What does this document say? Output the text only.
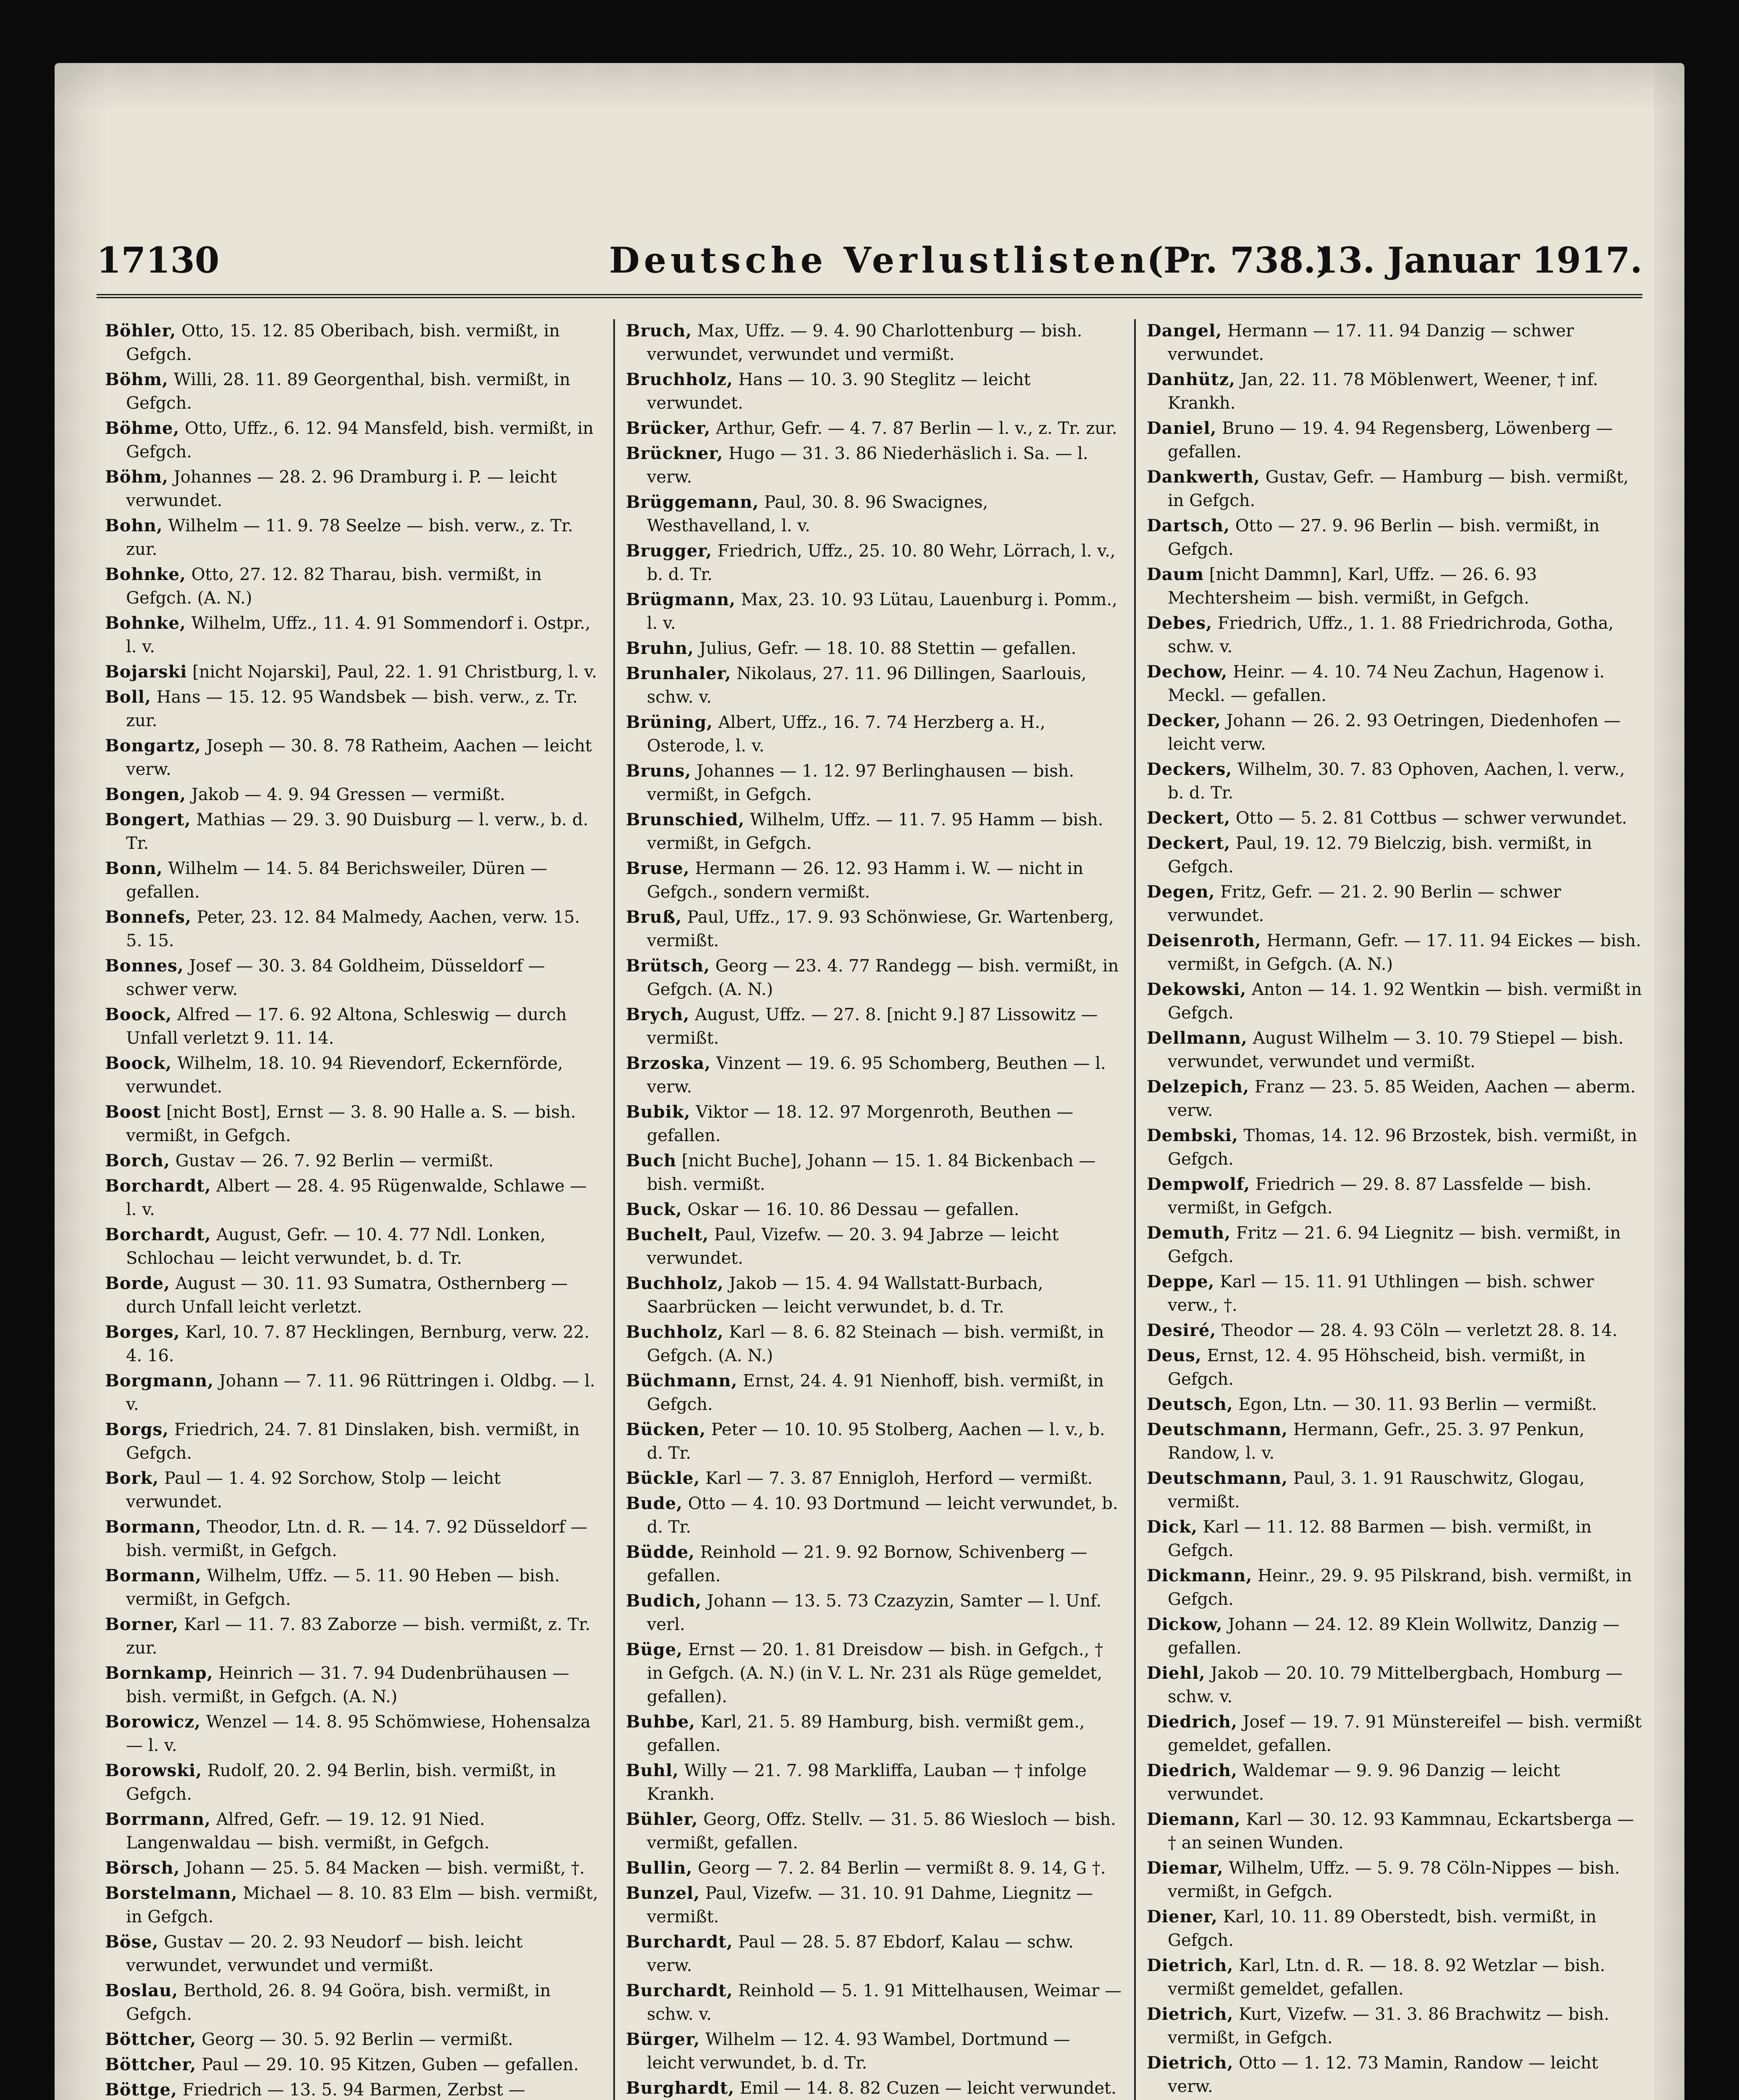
17130	Deutsche Verlustlisten
(Pr. 738.)
13. Januar 1917.
Böhler, Otto, 15. 12. 85 Oberibach, bish. vermißt, in Gefgch.
Böhm, Willi, 28. 11. 89 Georgenthal, bish. vermißt, in Gefgch.
Böhme, Otto, Uffz., 6. 12. 94 Mansfeld, bish. vermißt, in Gefgch.
Böhm, Johannes — 28. 2. 96 Dramburg i. P. — leicht verwundet.
Bohn, Wilhelm — 11. 9. 78 Seelze — bish. verw., z. Tr. zur.
Bohnke, Otto, 27. 12. 82 Tharau, bish. vermißt, in Gefgch. (A. N.)
Bohnke, Wilhelm, Uffz., 11. 4. 91 Sommendorf i. Ostpr., l. v.
Bojarski [nicht Nojarski], Paul, 22. 1. 91 Christburg, l. v.
Boll, Hans — 15. 12. 95 Wandsbek — bish. verw., z. Tr. zur.
Bongartz, Joseph — 30. 8. 78 Ratheim, Aachen — leicht verw.
Bongen, Jakob — 4. 9. 94 Gressen — vermißt.
Bongert, Mathias — 29. 3. 90 Duisburg — l. verw., b. d. Tr.
Bonn, Wilhelm — 14. 5. 84 Berichsweiler, Düren — gefallen.
Bonnefs, Peter, 23. 12. 84 Malmedy, Aachen, verw. 15. 5. 15.
Bonnes, Josef — 30. 3. 84 Goldheim, Düsseldorf — schwer verw.
Boock, Alfred — 17. 6. 92 Altona, Schleswig — durch Unfall verletzt 9. 11. 14.
Boock, Wilhelm, 18. 10. 94 Rievendorf, Eckernförde, verwundet.
Boost [nicht Bost], Ernst — 3. 8. 90 Halle a. S. — bish. vermißt, in Gefgch.
Borch, Gustav — 26. 7. 92 Berlin — vermißt.
Borchardt, Albert — 28. 4. 95 Rügenwalde, Schlawe — l. v.
Borchardt, August, Gefr. — 10. 4. 77 Ndl. Lonken, Schlochau — leicht verwundet, b. d. Tr.
Borde, August — 30. 11. 93 Sumatra, Osthernberg — durch Unfall leicht verletzt.
Borges, Karl, 10. 7. 87 Hecklingen, Bernburg, verw. 22. 4. 16.
Borgmann, Johann — 7. 11. 96 Rüttringen i. Oldbg. — l. v.
Borgs, Friedrich, 24. 7. 81 Dinslaken, bish. vermißt, in Gefgch.
Bork, Paul — 1. 4. 92 Sorchow, Stolp — leicht verwundet.
Bormann, Theodor, Ltn. d. R. — 14. 7. 92 Düsseldorf — bish. vermißt, in Gefgch.
Bormann, Wilhelm, Uffz. — 5. 11. 90 Heben — bish. vermißt, in Gefgch.
Borner, Karl — 11. 7. 83 Zaborze — bish. vermißt, z. Tr. zur.
Bornkamp, Heinrich — 31. 7. 94 Dudenbrühausen — bish. vermißt, in Gefgch. (A. N.)
Borowicz, Wenzel — 14. 8. 95 Schömwiese, Hohensalza — l. v.
Borowski, Rudolf, 20. 2. 94 Berlin, bish. vermißt, in Gefgch.
Borrmann, Alfred, Gefr. — 19. 12. 91 Nied. Langenwaldau — bish. vermißt, in Gefgch.
Börsch, Johann — 25. 5. 84 Macken — bish. vermißt, †.
Borstelmann, Michael — 8. 10. 83 Elm — bish. vermißt, in Gefgch.
Böse, Gustav — 20. 2. 93 Neudorf — bish. leicht verwundet, verwundet und vermißt.
Boslau, Berthold, 26. 8. 94 Goöra, bish. vermißt, in Gefgch.
Böttcher, Georg — 30. 5. 92 Berlin — vermißt.
Böttcher, Paul — 29. 10. 95 Kitzen, Guben — gefallen.
Böttge, Friedrich — 13. 5. 94 Barmen, Zerbst —
Bruch, Max, Uffz. — 9. 4. 90 Charlottenburg — bish. verwundet, verwundet und vermißt.
Bruchholz, Hans — 10. 3. 90 Steglitz — leicht verwundet.
Brücker, Arthur, Gefr. — 4. 7. 87 Berlin — l. v., z. Tr. zur.
Brückner, Hugo — 31. 3. 86 Niederhäslich i. Sa. — l. verw.
Brüggemann, Paul, 30. 8. 96 Swacignes, Westhavelland, l. v.
Brugger, Friedrich, Uffz., 25. 10. 80 Wehr, Lörrach, l. v., b. d. Tr.
Brügmann, Max, 23. 10. 93 Lütau, Lauenburg i. Pomm., l. v.
Bruhn, Julius, Gefr. — 18. 10. 88 Stettin — gefallen.
Brunhaler, Nikolaus, 27. 11. 96 Dillingen, Saarlouis, schw. v.
Brüning, Albert, Uffz., 16. 7. 74 Herzberg a. H., Osterode, l. v.
Bruns, Johannes — 1. 12. 97 Berlinghausen — bish. vermißt, in Gefgch.
Brunschied, Wilhelm, Uffz. — 11. 7. 95 Hamm — bish. vermißt, in Gefgch.
Bruse, Hermann — 26. 12. 93 Hamm i. W. — nicht in Gefgch., sondern vermißt.
Bruß, Paul, Uffz., 17. 9. 93 Schönwiese, Gr. Wartenberg, vermißt.
Brütsch, Georg — 23. 4. 77 Randegg — bish. vermißt, in Gefgch. (A. N.)
Brych, August, Uffz. — 27. 8. [nicht 9.] 87 Lissowitz — vermißt.
Brzoska, Vinzent — 19. 6. 95 Schomberg, Beuthen — l. verw.
Bubik, Viktor — 18. 12. 97 Morgenroth, Beuthen — gefallen.
Buch [nicht Buche], Johann — 15. 1. 84 Bickenbach — bish. vermißt.
Buck, Oskar — 16. 10. 86 Dessau — gefallen.
Buchelt, Paul, Vizefw. — 20. 3. 94 Jabrze — leicht verwundet.
Buchholz, Jakob — 15. 4. 94 Wallstatt-Burbach, Saarbrücken — leicht verwundet, b. d. Tr.
Buchholz, Karl — 8. 6. 82 Steinach — bish. vermißt, in Gefgch. (A. N.)
Büchmann, Ernst, 24. 4. 91 Nienhoff, bish. vermißt, in Gefgch.
Bücken, Peter — 10. 10. 95 Stolberg, Aachen — l. v., b. d. Tr.
Bückle, Karl — 7. 3. 87 Ennigloh, Herford — vermißt.
Bude, Otto — 4. 10. 93 Dortmund — leicht verwundet, b. d. Tr.
Büdde, Reinhold — 21. 9. 92 Bornow, Schivenberg — gefallen.
Budich, Johann — 13. 5. 73 Czazyzin, Samter — l. Unf. verl.
Büge, Ernst — 20. 1. 81 Dreisdow — bish. in Gefgch., † in Gefgch. (A. N.) (in V. L. Nr. 231 als Rüge gemeldet, gefallen).
Buhbe, Karl, 21. 5. 89 Hamburg, bish. vermißt gem., gefallen.
Buhl, Willy — 21. 7. 98 Markliffa, Lauban — † infolge Krankh.
Bühler, Georg, Offz. Stellv. — 31. 5. 86 Wiesloch — bish. vermißt, gefallen.
Bullin, Georg — 7. 2. 84 Berlin — vermißt 8. 9. 14, G †.
Bunzel, Paul, Vizefw. — 31. 10. 91 Dahme, Liegnitz — vermißt.
Burchardt, Paul — 28. 5. 87 Ebdorf, Kalau — schw. verw.
Burchardt, Reinhold — 5. 1. 91 Mittelhausen, Weimar — schw. v.
Bürger, Wilhelm — 12. 4. 93 Wambel, Dortmund — leicht verwundet, b. d. Tr.
Burghardt, Emil — 14. 8. 82 Cuzen — leicht verwundet.
Dangel, Hermann — 17. 11. 94 Danzig — schwer verwundet.
Danhütz, Jan, 22. 11. 78 Möblenwert, Weener, † inf. Krankh.
Daniel, Bruno — 19. 4. 94 Regensberg, Löwenberg — gefallen.
Dankwerth, Gustav, Gefr. — Hamburg — bish. vermißt, in Gefgch.
Dartsch, Otto — 27. 9. 96 Berlin — bish. vermißt, in Gefgch.
Daum [nicht Dammn], Karl, Uffz. — 26. 6. 93 Mechtersheim — bish. vermißt, in Gefgch.
Debes, Friedrich, Uffz., 1. 1. 88 Friedrichroda, Gotha, schw. v.
Dechow, Heinr. — 4. 10. 74 Neu Zachun, Hagenow i. Meckl. — gefallen.
Decker, Johann — 26. 2. 93 Oetringen, Diedenhofen — leicht verw.
Deckers, Wilhelm, 30. 7. 83 Ophoven, Aachen, l. verw., b. d. Tr.
Deckert, Otto — 5. 2. 81 Cottbus — schwer verwundet.
Deckert, Paul, 19. 12. 79 Bielczig, bish. vermißt, in Gefgch.
Degen, Fritz, Gefr. — 21. 2. 90 Berlin — schwer verwundet.
Deisenroth, Hermann, Gefr. — 17. 11. 94 Eickes — bish. vermißt, in Gefgch. (A. N.)
Dekowski, Anton — 14. 1. 92 Wentkin — bish. vermißt in Gefgch.
Dellmann, August Wilhelm — 3. 10. 79 Stiepel — bish. verwundet, verwundet und vermißt.
Delzepich, Franz — 23. 5. 85 Weiden, Aachen — aberm. verw.
Dembski, Thomas, 14. 12. 96 Brzostek, bish. vermißt, in Gefgch.
Dempwolf, Friedrich — 29. 8. 87 Lassfelde — bish. vermißt, in Gefgch.
Demuth, Fritz — 21. 6. 94 Liegnitz — bish. vermißt, in Gefgch.
Deppe, Karl — 15. 11. 91 Uthlingen — bish. schwer verw., †.
Desiré, Theodor — 28. 4. 93 Cöln — verletzt 28. 8. 14.
Deus, Ernst, 12. 4. 95 Höhscheid, bish. vermißt, in Gefgch.
Deutsch, Egon, Ltn. — 30. 11. 93 Berlin — vermißt.
Deutschmann, Hermann, Gefr., 25. 3. 97 Penkun, Randow, l. v.
Deutschmann, Paul, 3. 1. 91 Rauschwitz, Glogau, vermißt.
Dick, Karl — 11. 12. 88 Barmen — bish. vermißt, in Gefgch.
Dickmann, Heinr., 29. 9. 95 Pilskrand, bish. vermißt, in Gefgch.
Dickow, Johann — 24. 12. 89 Klein Wollwitz, Danzig — gefallen.
Diehl, Jakob — 20. 10. 79 Mittelbergbach, Homburg — schw. v.
Diedrich, Josef — 19. 7. 91 Münstereifel — bish. vermißt gemeldet, gefallen.
Diedrich, Waldemar — 9. 9. 96 Danzig — leicht verwundet.
Diemann, Karl — 30. 12. 93 Kammnau, Eckartsberga — † an seinen Wunden.
Diemar, Wilhelm, Uffz. — 5. 9. 78 Cöln-Nippes — bish. vermißt, in Gefgch.
Diener, Karl, 10. 11. 89 Oberstedt, bish. vermißt, in Gefgch.
Dietrich, Karl, Ltn. d. R. — 18. 8. 92 Wetzlar — bish. vermißt gemeldet, gefallen.
Dietrich, Kurt, Vizefw. — 31. 3. 86 Brachwitz — bish. vermißt, in Gefgch.
Dietrich, Otto — 1. 12. 73 Mamin, Randow — leicht verw.
